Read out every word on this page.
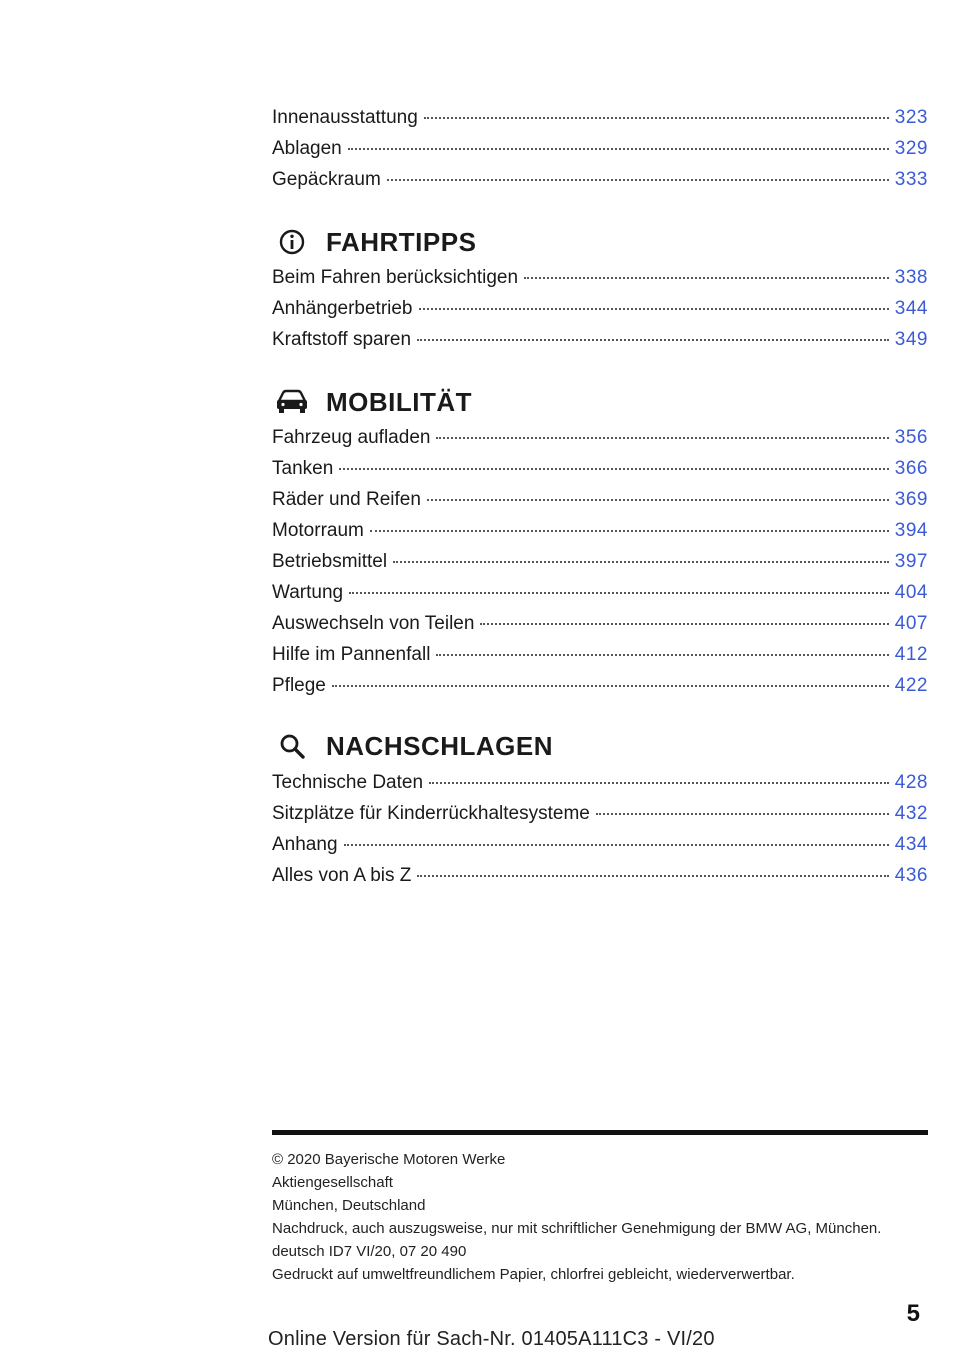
Innenausstattung	323
Ablagen	329
Gepäckraum	333
FAHRTIPPS
Beim Fahren berücksichtigen	338
Anhängerbetrieb	344
Kraftstoff sparen	349
MOBILITÄT
Fahrzeug aufladen	356
Tanken	366
Räder und Reifen	369
Motorraum	394
Betriebsmittel	397
Wartung	404
Auswechseln von Teilen	407
Hilfe im Pannenfall	412
Pflege	422
NACHSCHLAGEN
Technische Daten	428
Sitzplätze für Kinderrückhaltesysteme	432
Anhang	434
Alles von A bis Z	436
© 2020 Bayerische Motoren Werke
Aktiengesellschaft
München, Deutschland
Nachdruck, auch auszugsweise, nur mit schriftlicher Genehmigung der BMW AG, München.
deutsch ID7 VI/20, 07 20 490
Gedruckt auf umweltfreundlichem Papier, chlorfrei gebleicht, wiederverwertbar.
5
Online Version für Sach-Nr. 01405A111C3 - VI/20
